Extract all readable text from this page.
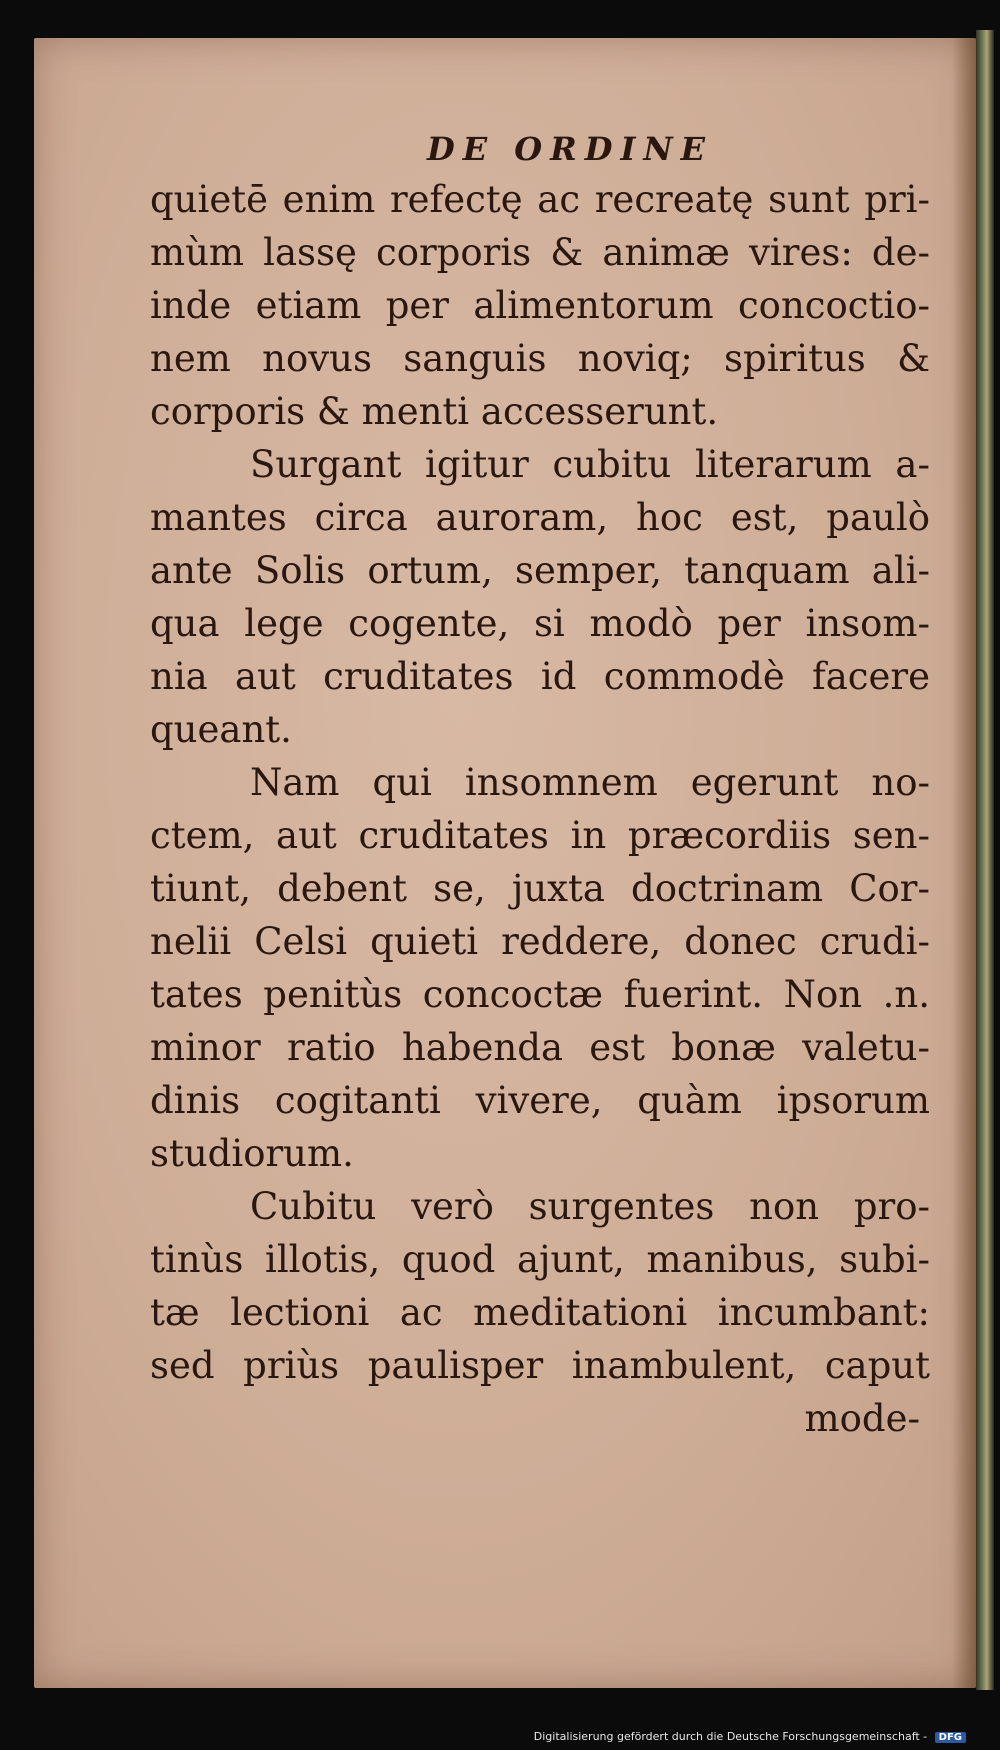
DE ORDINE
quietē enim refectę ac recreatę sunt pri-
mùm lassę corporis & animæ vires: de-
inde etiam per alimentorum concoctio-
nem novus sanguis noviq; spiritus &
corporis & menti accesserunt.
Surgant igitur cubitu literarum a-
mantes circa auroram, hoc est, paulò
ante Solis ortum, semper, tanquam ali-
qua lege cogente, si modò per insom-
nia aut cruditates id commodè facere
queant.
Nam qui insomnem egerunt no-
ctem, aut cruditates in præcordiis sen-
tiunt, debent se, juxta doctrinam Cor-
nelii Celsi quieti reddere, donec crudi-
tates penitùs concoctæ fuerint. Non .n.
minor ratio habenda est bonæ valetu-
dinis cogitanti vivere, quàm ipsorum
studiorum.
Cubitu verò surgentes non pro-
tinùs illotis, quod ajunt, manibus, subi-
tæ lectioni ac meditationi incumbant:
sed priùs paulisper inambulent, caput
mode-
Digitalisierung gefördert durch die Deutsche Forschungsgemeinschaft - DFG
